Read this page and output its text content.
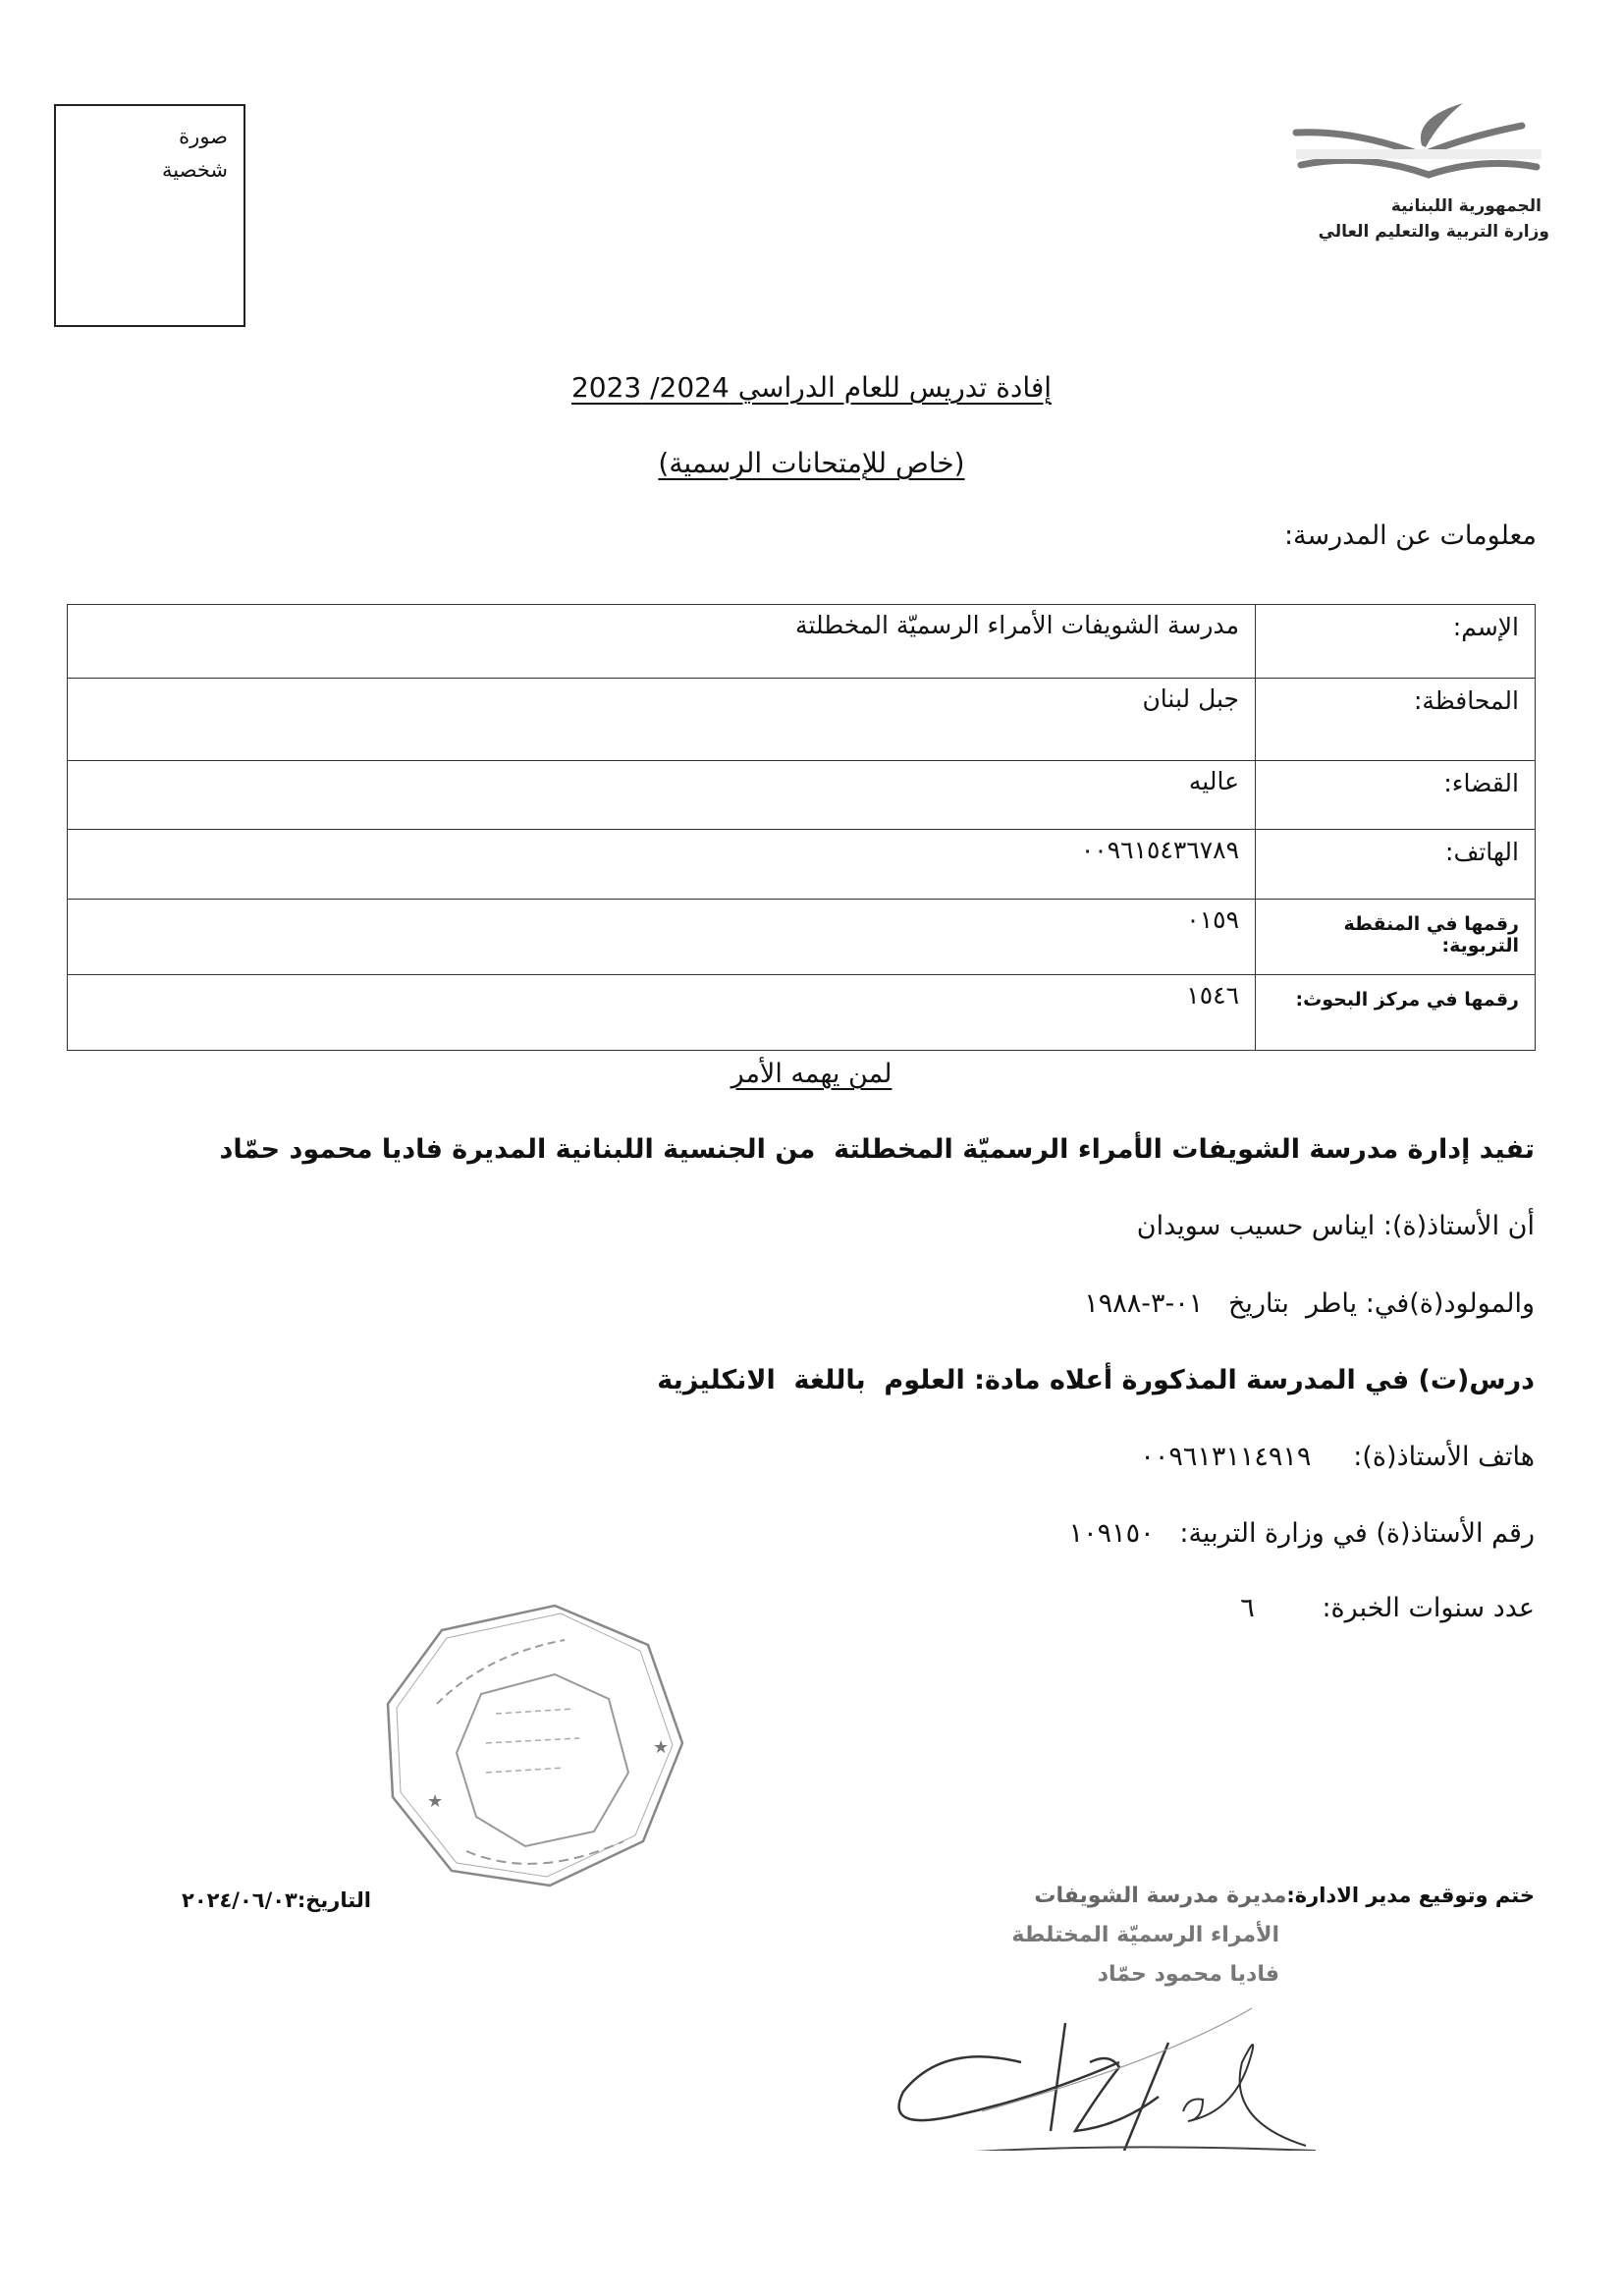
صورة
شخصية
الجمهورية اللبنانية
وزارة التربية والتعليم العالي
إفادة تدريس للعام الدراسي 2024/ 2023
(خاص للإمتحانات الرسمية)
معلومات عن المدرسة:
الإسم:	مدرسة الشويفات الأمراء الرسميّة المخطلتة
المحافظة:	جبل لبنان
القضاء:	عاليه
الهاتف:	٠٠٩٦١٥٤٣٦٧٨٩
رقمها في المنقطة التربوية:	٠١٥٩
رقمها في مركز البحوث:	١٥٤٦
لمن يهمه الأمر
تفيد إدارة مدرسة الشويفات الأمراء الرسميّة المخطلتة  من الجنسية اللبنانية المديرة فاديا محمود حمّاد
أن الأستاذ(ة): ايناس حسيب سويدان
والمولود(ة)في: ياطر  بتاريخ   ٠١-٣-١٩٨٨
درس(ت) في المدرسة المذكورة أعلاه مادة: العلوم  باللغة  الانكليزية
هاتف الأستاذ(ة):     ٠٠٩٦١٣١١٤٩١٩
رقم الأستاذ(ة) في وزارة التربية:   ١٠٩١٥٠
عدد سنوات الخبرة:        ٦
★
★
ختم وتوقيع مدير الادارة:مديرة مدرسة الشويفات
الأمراء الرسميّة المختلطة
فاديا محمود حمّاد
التاريخ:٢٠٢٤/٠٦/٠٣
